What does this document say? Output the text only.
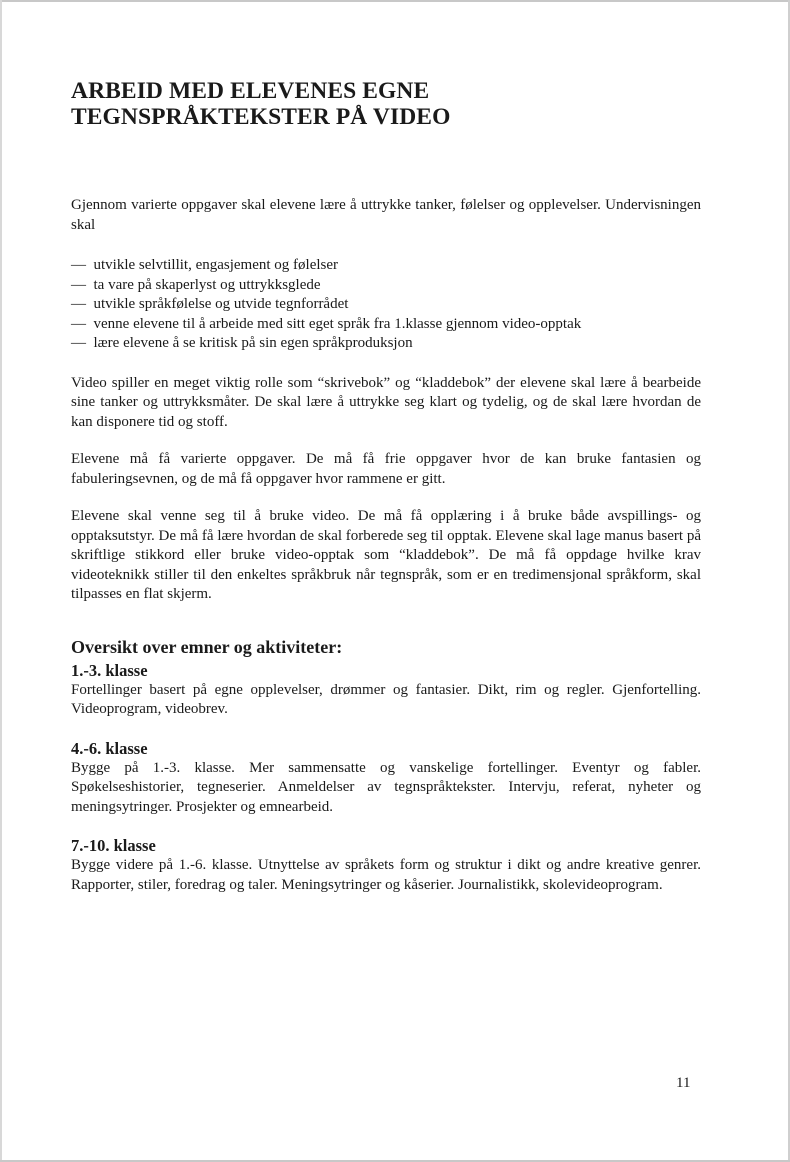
ARBEID MED ELEVENES EGNE
TEGNSPRÅKTEKSTER PÅ VIDEO

Gjennom varierte oppgaver skal elevene lære å uttrykke tanker, følelser og opplevelser. Undervisningen skal

—  utvikle selvtillit, engasjement og følelser
—  ta vare på skaperlyst og uttrykksglede
—  utvikle språkfølelse og utvide tegnforrådet
—  venne elevene til å arbeide med sitt eget språk fra 1.klasse gjennom video-opptak
—  lære elevene å se kritisk på sin egen språkproduksjon

Video spiller en meget viktig rolle som “skrivebok” og “kladdebok” der elevene skal lære å bearbeide sine tanker og uttrykksmåter. De skal lære å uttrykke seg klart og tydelig, og de skal lære hvordan de kan disponere tid og stoff.

Elevene må få varierte oppgaver. De må få frie oppgaver hvor de kan bruke fantasien og fabuleringsevnen, og de må få oppgaver hvor rammene er gitt.

Elevene skal venne seg til å bruke video. De må få opplæring i å bruke både avspillings- og opptaksutstyr. De må få lære hvordan de skal forberede seg til opptak. Elevene skal lage manus basert på skriftlige stikkord eller bruke video-opptak som “kladdebok”. De må få oppdage hvilke krav videoteknikk stiller til den enkeltes språkbruk når tegnspråk, som er en tredimensjonal språkform, skal tilpasses en flat skjerm.

Oversikt over emner og aktiviteter:
1.-3. klasse

Fortellinger basert på egne opplevelser, drømmer og fantasier. Dikt, rim og regler. Gjenfortelling. Videoprogram, videobrev.

4.-6. klasse

Bygge på 1.-3. klasse. Mer sammensatte og vanskelige fortellinger. Eventyr og fabler. Spøkelseshistorier, tegneserier. Anmeldelser av tegnspråktekster. Intervju, referat, nyheter og meningsytringer. Prosjekter og emnearbeid.

7.-10. klasse

Bygge videre på 1.-6. klasse. Utnyttelse av språkets form og struktur i dikt og andre kreative genrer. Rapporter, stiler, foredrag og taler. Meningsytringer og kåserier. Journalistikk, skolevideoprogram.

11
